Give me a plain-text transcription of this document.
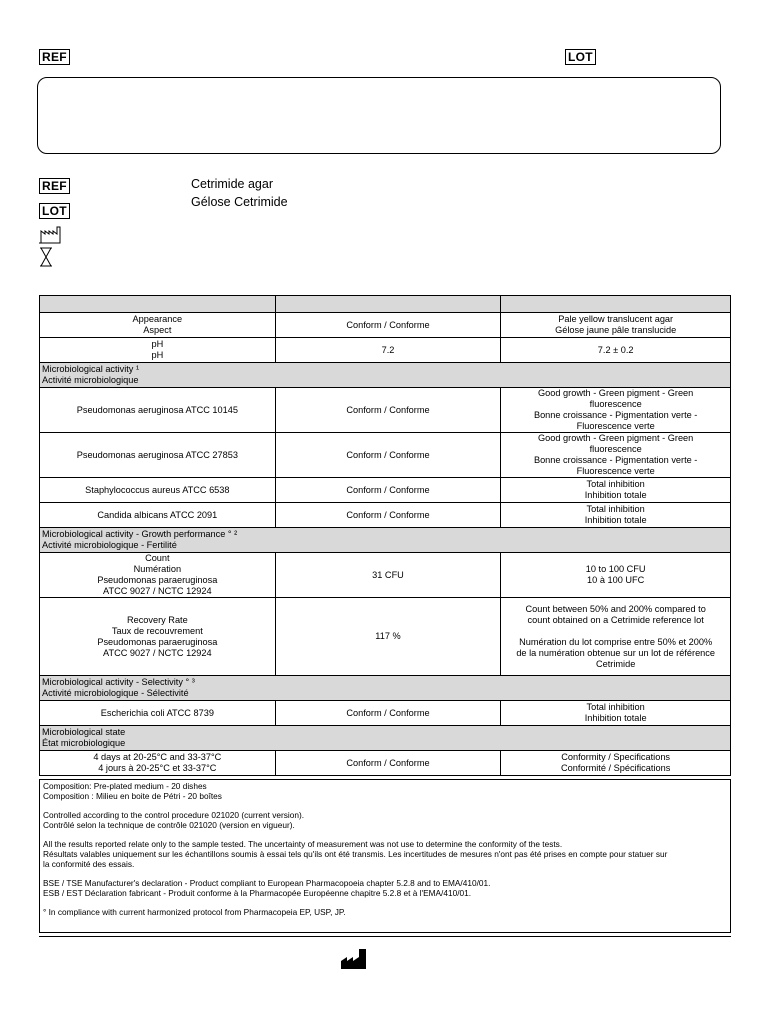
REF	LOT
REF
LOT
Cetrimide agar
Gélose Cetrimide

Appearance
Aspect	Conform / Conforme	Pale yellow translucent agar
Gélose jaune pâle translucide

pH
pH	7.2	7.2 ± 0.2

Microbiological activity ¹
Activité microbiologique		

Pseudomonas aeruginosa ATCC 10145	Conform / Conforme	Good growth - Green pigment - Green
fluorescence
Bonne croissance - Pigmentation verte -
Fluorescence verte

Pseudomonas aeruginosa ATCC 27853	Conform / Conforme	Good growth - Green pigment - Green
fluorescence
Bonne croissance - Pigmentation verte -
Fluorescence verte

Staphylococcus aureus ATCC 6538	Conform / Conforme	Total inhibition
Inhibition totale

Candida albicans ATCC 2091	Conform / Conforme	Total inhibition
Inhibition totale

Microbiological activity - Growth performance ° ²
Activité microbiologique - Fertilité		

Count
Numération
Pseudomonas paraeruginosa
ATCC 9027 / NCTC 12924	31 CFU	10 to 100 CFU
10 à 100 UFC

Recovery Rate
Taux de recouvrement
Pseudomonas paraeruginosa
ATCC 9027 / NCTC 12924	117 %	Count between 50% and 200% compared to
count obtained on a Cetrimide reference lot
Numération du lot comprise entre 50% et 200%
de la numération obtenue sur un lot de référence
Cetrimide

Microbiological activity - Selectivity ° ³
Activité microbiologique - Sélectivité		

Escherichia coli ATCC 8739	Conform / Conforme	Total inhibition
Inhibition totale

Microbiological state
État microbiologique		

4 days at 20-25°C and 33-37°C
4 jours à 20-25°C et 33-37°C	Conform / Conforme	Conformity / Specifications
Conformité / Spécifications

Composition: Pre-plated medium - 20 dishes
Composition : Milieu en boite de Pétri - 20 boîtes

Controlled according to the control procedure 021020 (current version).
Contrôlé selon la technique de contrôle 021020 (version en vigueur).

All the results reported relate only to the sample tested. The uncertainty of measurement was not use to determine the conformity of the tests.
Résultats valables uniquement sur les échantillons soumis à essai tels qu'ils ont été transmis. Les incertitudes de mesures n'ont pas été prises en compte pour statuer sur
la conformité des essais.

BSE / TSE Manufacturer's declaration - Product compliant to European Pharmacopoeia chapter 5.2.8 and to EMA/410/01.
ESB / EST Déclaration fabricant - Produit conforme à la Pharmacopée Européenne chapitre 5.2.8 et à l'EMA/410/01.

° In compliance with current harmonized protocol from Pharmacopeia EP, USP, JP.
